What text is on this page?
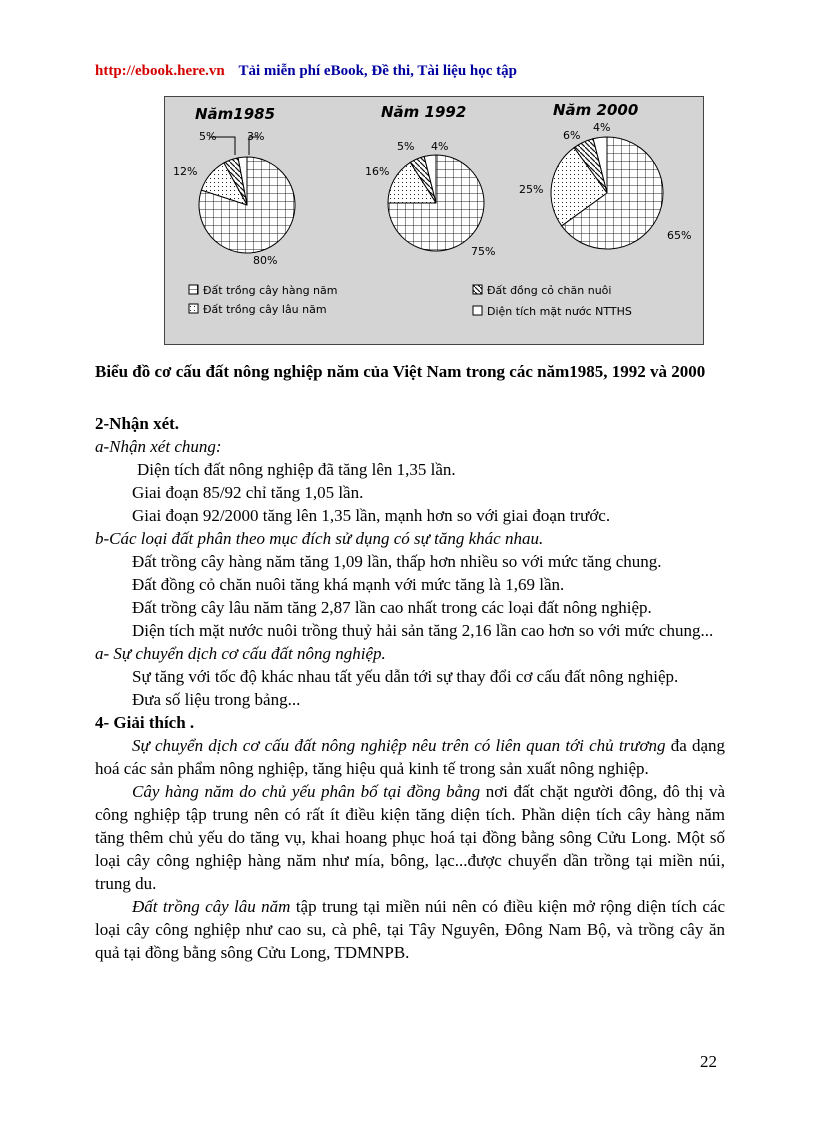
http://ebook.here.vn Tải miễn phí eBook, Đề thi, Tài liệu học tập
Năm1985
80%
12%
5%	3%
Năm 1992
75%
16%
5% 4%
Năm 2000
65%
25%
6%
4%
Đất trồng cây hàng năm
Đất trồng cây lâu năm
Đất đồng cỏ chăn nuôi
Diện tích mặt nước NTTHS
Biểu đồ cơ cấu đất nông nghiệp năm của Việt Nam trong các năm1985, 1992 và 2000

2-Nhận xét.

a-Nhận xét chung:

Diện tích đất nông nghiệp đã tăng lên 1,35 lần.

Giai đoạn 85/92 chỉ tăng 1,05 lần.

Giai đoạn 92/2000 tăng lên 1,35 lần, mạnh hơn so với giai đoạn trước.

b-Các loại đất phân theo mục đích sử dụng có sự tăng khác nhau.

Đất trồng cây hàng năm tăng 1,09 lần, thấp hơn nhiều so với mức tăng chung.

Đất đồng cỏ chăn nuôi tăng khá mạnh với mức tăng là 1,69 lần.

Đất trồng cây lâu năm tăng 2,87 lần cao nhất trong các loại đất nông nghiệp.

Diện tích mặt nước nuôi trồng thuỷ hải sản tăng 2,16 lần cao hơn so với mức chung...

a- Sự chuyển dịch cơ cấu đất nông nghiệp.

Sự tăng với tốc độ khác nhau tất yếu dẫn tới sự thay đổi cơ cấu đất nông nghiệp.

Đưa số liệu trong bảng...

4- Giải thích .

Sự chuyển dịch cơ cấu đất nông nghiệp nêu trên có liên quan tới chủ trương đa dạng hoá các sản phẩm nông nghiệp, tăng hiệu quả kinh tế trong sản xuất nông nghiệp.

Cây hàng năm do chủ yếu phân bố tại đồng bằng nơi đất chặt người đông, đô thị và công nghiệp tập trung nên có rất ít điều kiện tăng diện tích. Phần diện tích cây hàng năm tăng thêm chủ yếu do tăng vụ, khai hoang phục hoá tại đồng bằng sông Cửu Long. Một số loại cây công nghiệp hàng năm như mía, bông, lạc...được chuyển dần trồng tại miền núi, trung du.

Đất trồng cây lâu năm tập trung tại miền núi nên có điều kiện mở rộng diện tích các loại cây công nghiệp như cao su, cà phê, tại Tây Nguyên, Đông Nam Bộ, và trồng cây ăn quả tại đồng bằng sông Cửu Long, TDMNPB.

22
